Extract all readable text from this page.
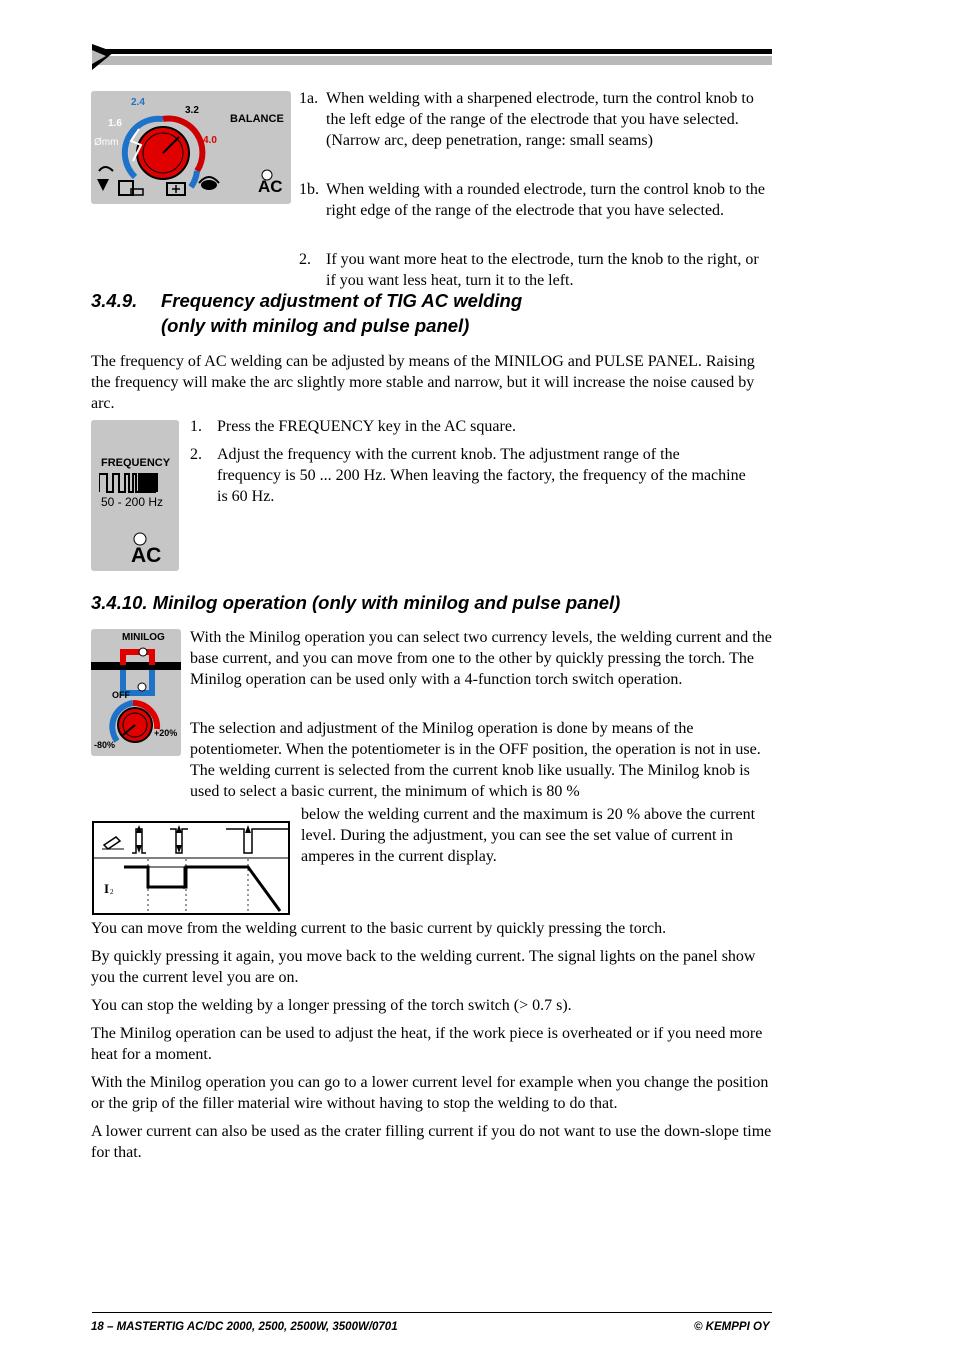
2.4
3.2
1.6
4.0
Ømm
BALANCE
AC
1a. When welding with a sharpened electrode, turn the control knob to the left edge of the range of the electrode that you have selected. (Narrow arc, deep penetration, range: small seams)

1b. When welding with a rounded electrode, turn the control knob to the right edge of the range of the electrode that you have selected.

2. If you want more heat to the electrode, turn the knob to the right, or if you want less heat, turn it to the left.

3.4.9. Frequency adjustment of TIG AC welding
(only with minilog and pulse panel)

The frequency of AC welding can be adjusted by means of the MINILOG and PULSE PANEL. Raising the frequency will make the arc slightly more stable and narrow, but it will increase the noise caused by arc.

FREQUENCY
50 - 200 Hz
AC
1. Press the FREQUENCY key in the AC square.

2. Adjust the frequency with the current knob. The adjustment range of the frequency is 50 ... 200 Hz. When leaving the factory, the frequency of the machine is 60 Hz.

3.4.10. Minilog operation (only with minilog and pulse panel)
MINILOG
OFF
+20%
-80%

With the Minilog operation you can select two currency levels, the welding current and the base current, and you can move from one to the other by quickly pressing the torch. The Minilog operation can be used only with a 4-function torch switch operation.

The selection and adjustment of the Minilog operation is done by means of the potentiometer. When the potentiometer is in the OFF position, the operation is not in use. The welding current is selected from the current knob like usually. The Minilog knob is used to select a basic current, the minimum of which is 80 %

I 2

below the welding current and the maximum is 20 % above the current level. During the adjustment, you can see the set value of current in amperes in the current display.

You can move from the welding current to the basic current by quickly pressing the torch.

By quickly pressing it again, you move back to the welding current. The signal lights on the panel show you the current level you are on.

You can stop the welding by a longer pressing of the torch switch (> 0.7 s).

The Minilog operation can be used to adjust the heat, if the work piece is overheated or if you need more heat for a moment.

With the Minilog operation you can go to a lower current level for example when you change the position or the grip of the filler material wire without having to stop the welding to do that.

A lower current can also be used as the crater filling current if you do not want to use the down-slope time for that.

18 – MASTERTIG AC/DC 2000, 2500, 2500W, 3500W/0701	© KEMPPI OY
